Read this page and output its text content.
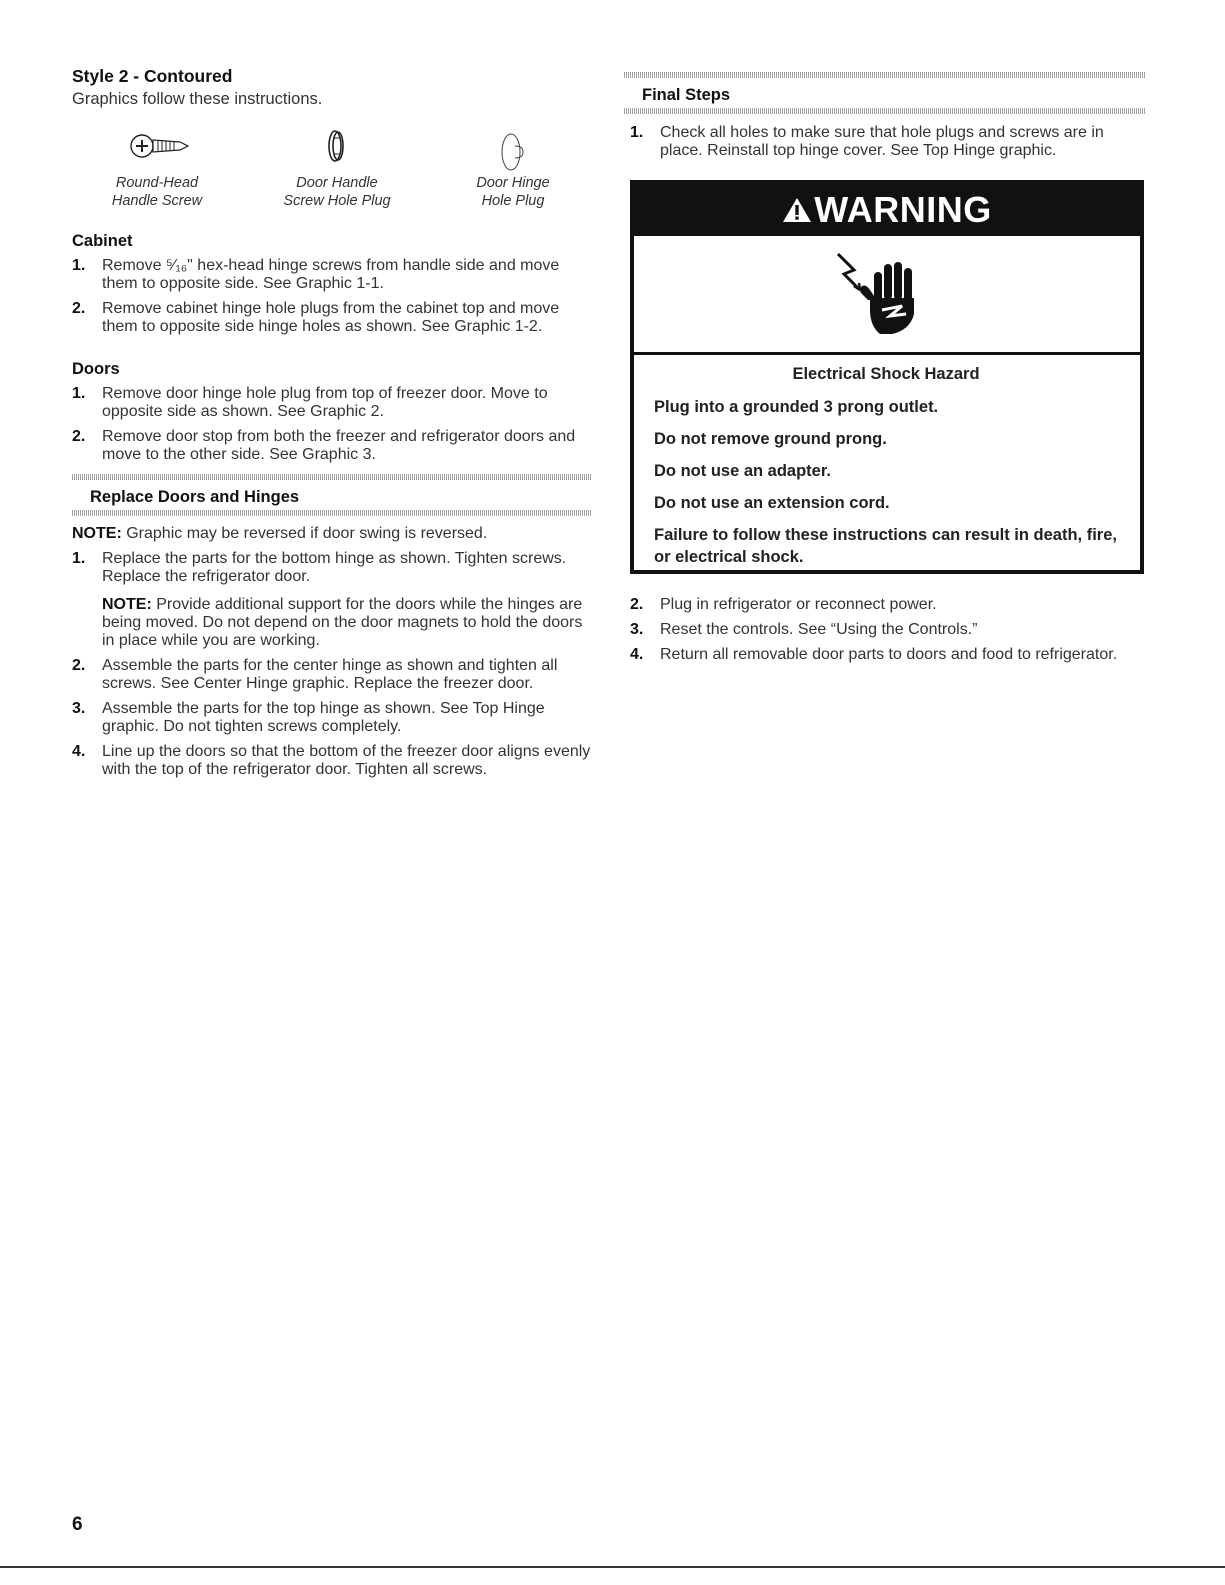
Style 2 - Contoured
Graphics follow these instructions.
Round-Head
Handle Screw
Door Handle
Screw Hole Plug
Door Hinge
Hole Plug
Cabinet
1. Remove ⁵⁄₁₆" hex-head hinge screws from handle side and move them to opposite side. See Graphic 1-1.
2. Remove cabinet hinge hole plugs from the cabinet top and move them to opposite side hinge holes as shown. See Graphic 1-2.
Doors
1. Remove door hinge hole plug from top of freezer door. Move to opposite side as shown. See Graphic 2.
2. Remove door stop from both the freezer and refrigerator doors and move to the other side. See Graphic 3.
Replace Doors and Hinges
NOTE: Graphic may be reversed if door swing is reversed.
1. Replace the parts for the bottom hinge as shown. Tighten screws. Replace the refrigerator door.
NOTE: Provide additional support for the doors while the hinges are being moved. Do not depend on the door magnets to hold the doors in place while you are working.
2. Assemble the parts for the center hinge as shown and tighten all screws. See Center Hinge graphic. Replace the freezer door.
3. Assemble the parts for the top hinge as shown. See Top Hinge graphic. Do not tighten screws completely.
4. Line up the doors so that the bottom of the freezer door aligns evenly with the top of the refrigerator door. Tighten all screws.
Final Steps
1. Check all holes to make sure that hole plugs and screws are in place. Reinstall top hinge cover. See Top Hinge graphic.
WARNING
Electrical Shock Hazard
Plug into a grounded 3 prong outlet.
Do not remove ground prong.
Do not use an adapter.
Do not use an extension cord.
Failure to follow these instructions can result in death, fire, or electrical shock.
2. Plug in refrigerator or reconnect power.
3. Reset the controls. See “Using the Controls.”
4. Return all removable door parts to doors and food to refrigerator.
6
